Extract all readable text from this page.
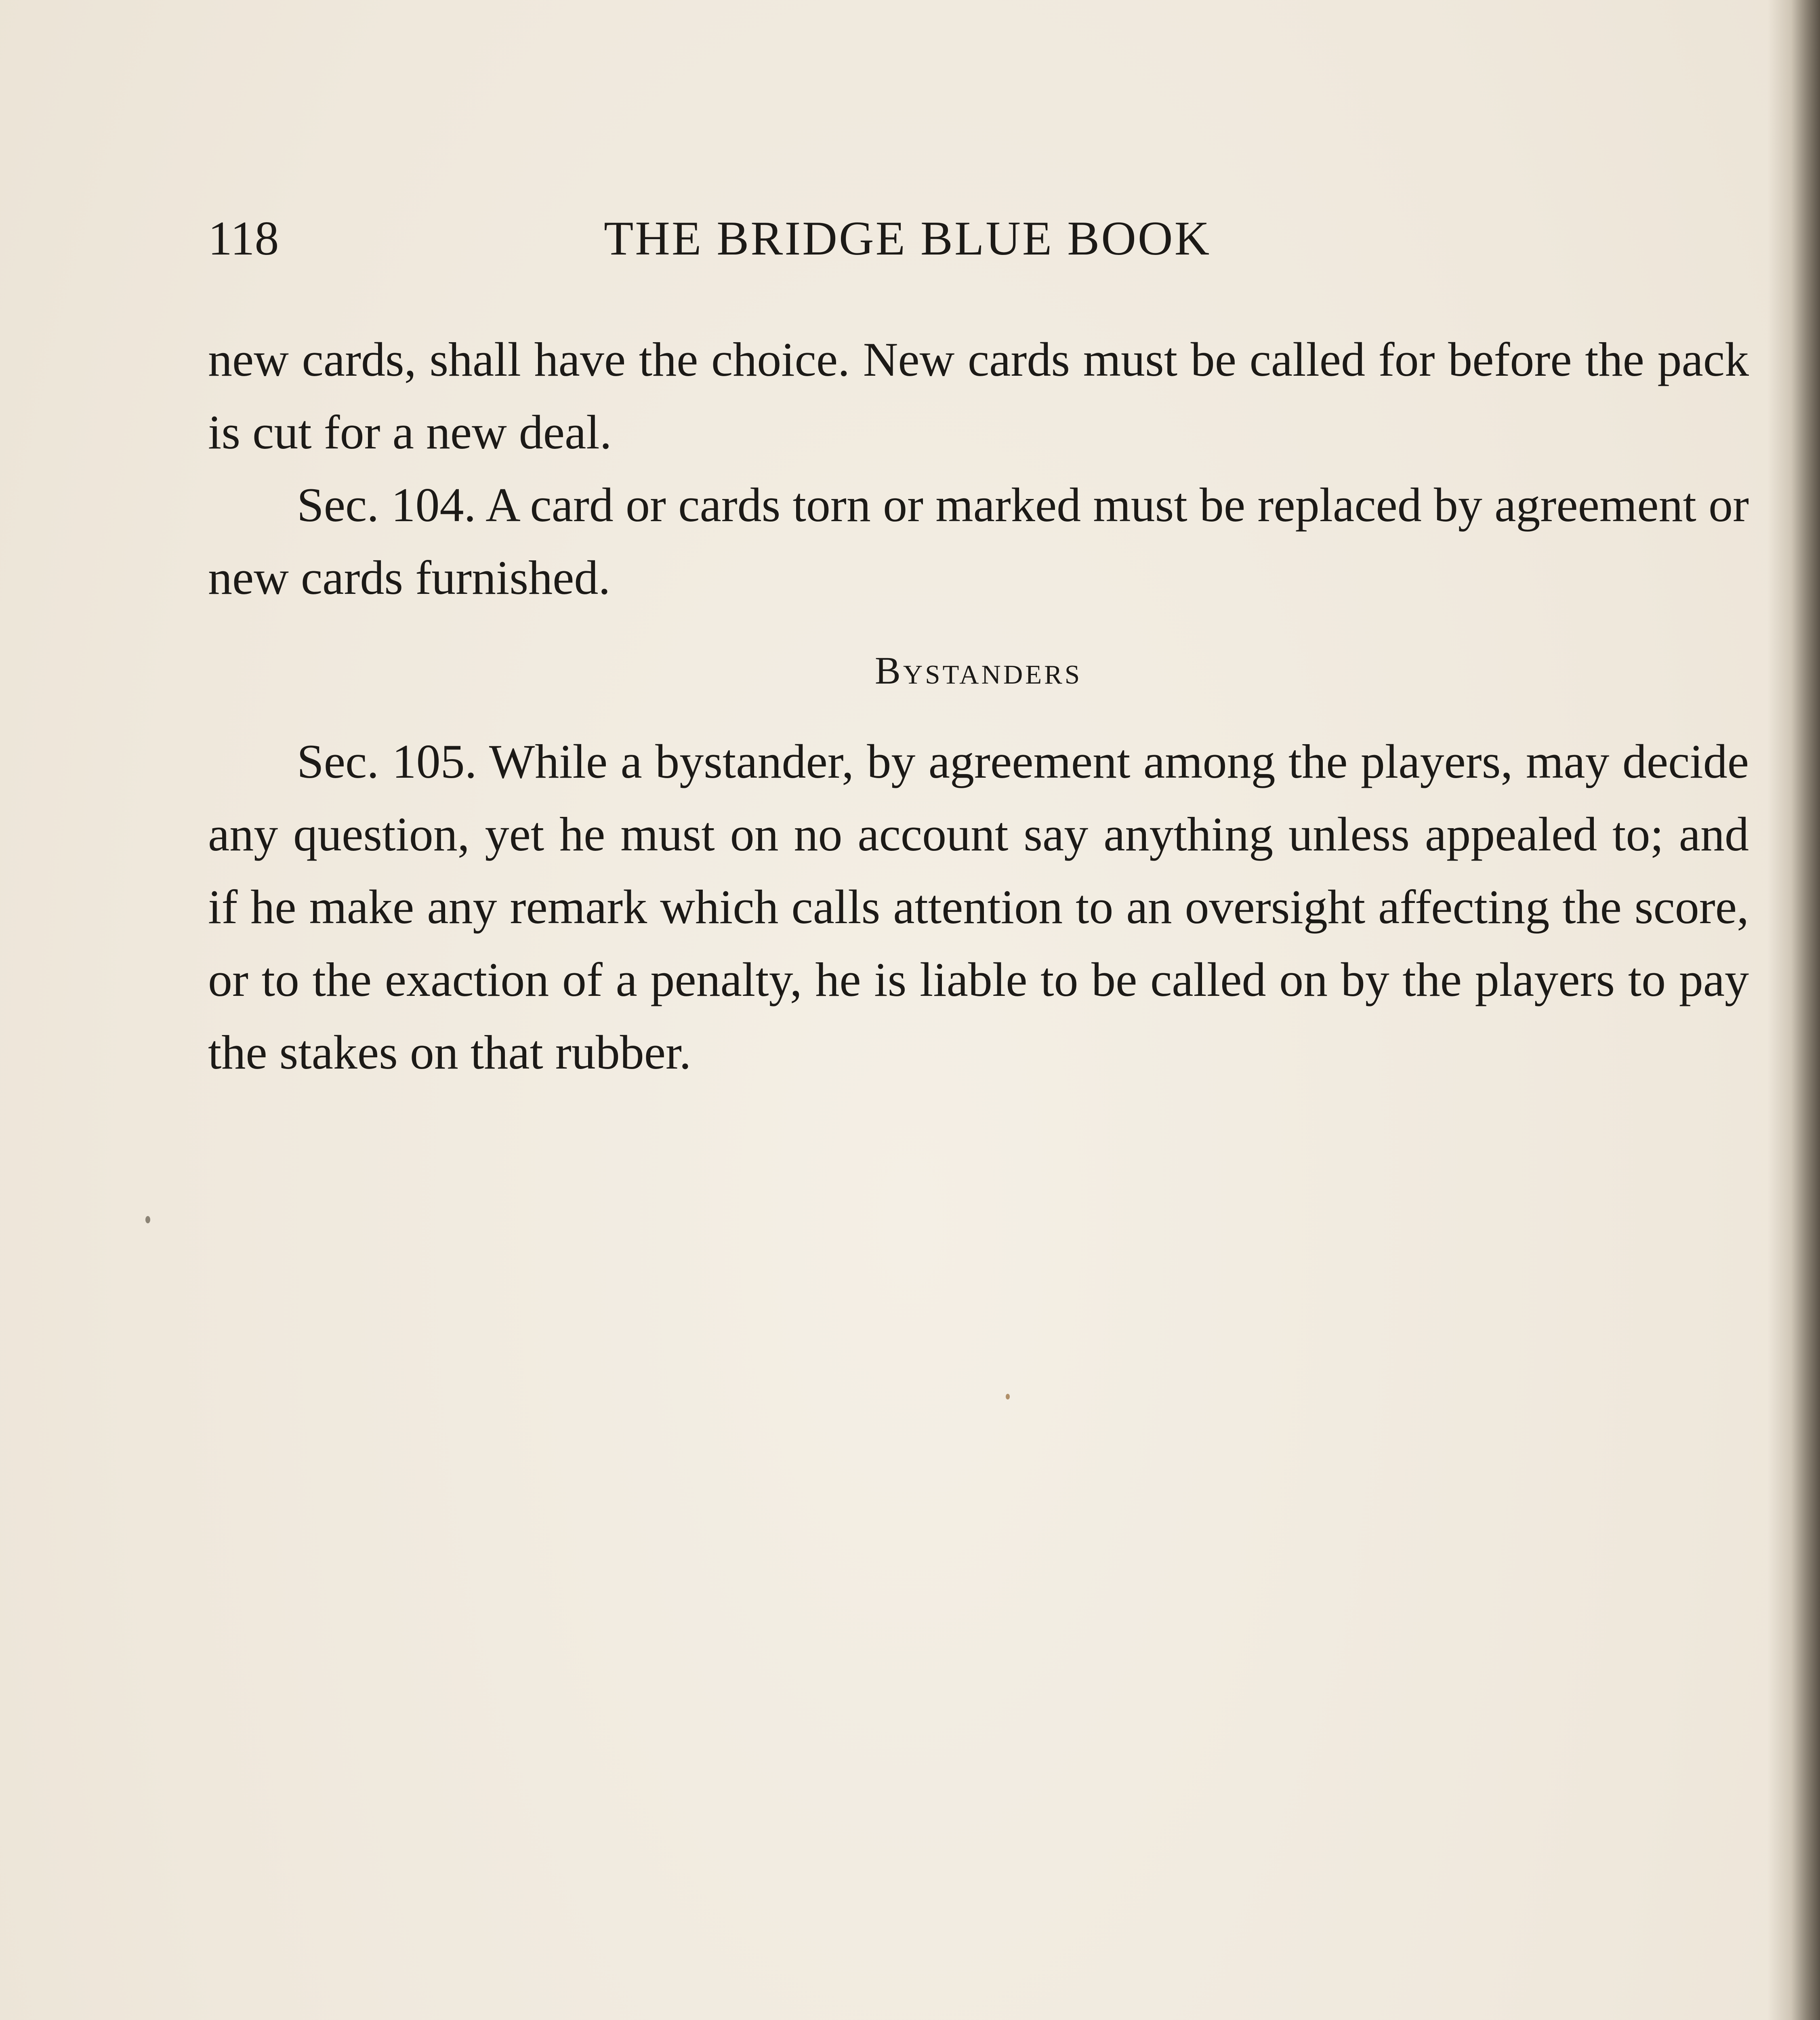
118	THE BRIDGE BLUE BOOK

new cards, shall have the choice. New cards must be called for before the pack is cut for a new deal.

Sec. 104. A card or cards torn or marked must be replaced by agreement or new cards furnished.

Bystanders

Sec. 105. While a bystander, by agreement among the players, may decide any question, yet he must on no account say anything unless appealed to; and if he make any remark which calls attention to an oversight affecting the score, or to the exaction of a penalty, he is liable to be called on by the players to pay the stakes on that rubber.
